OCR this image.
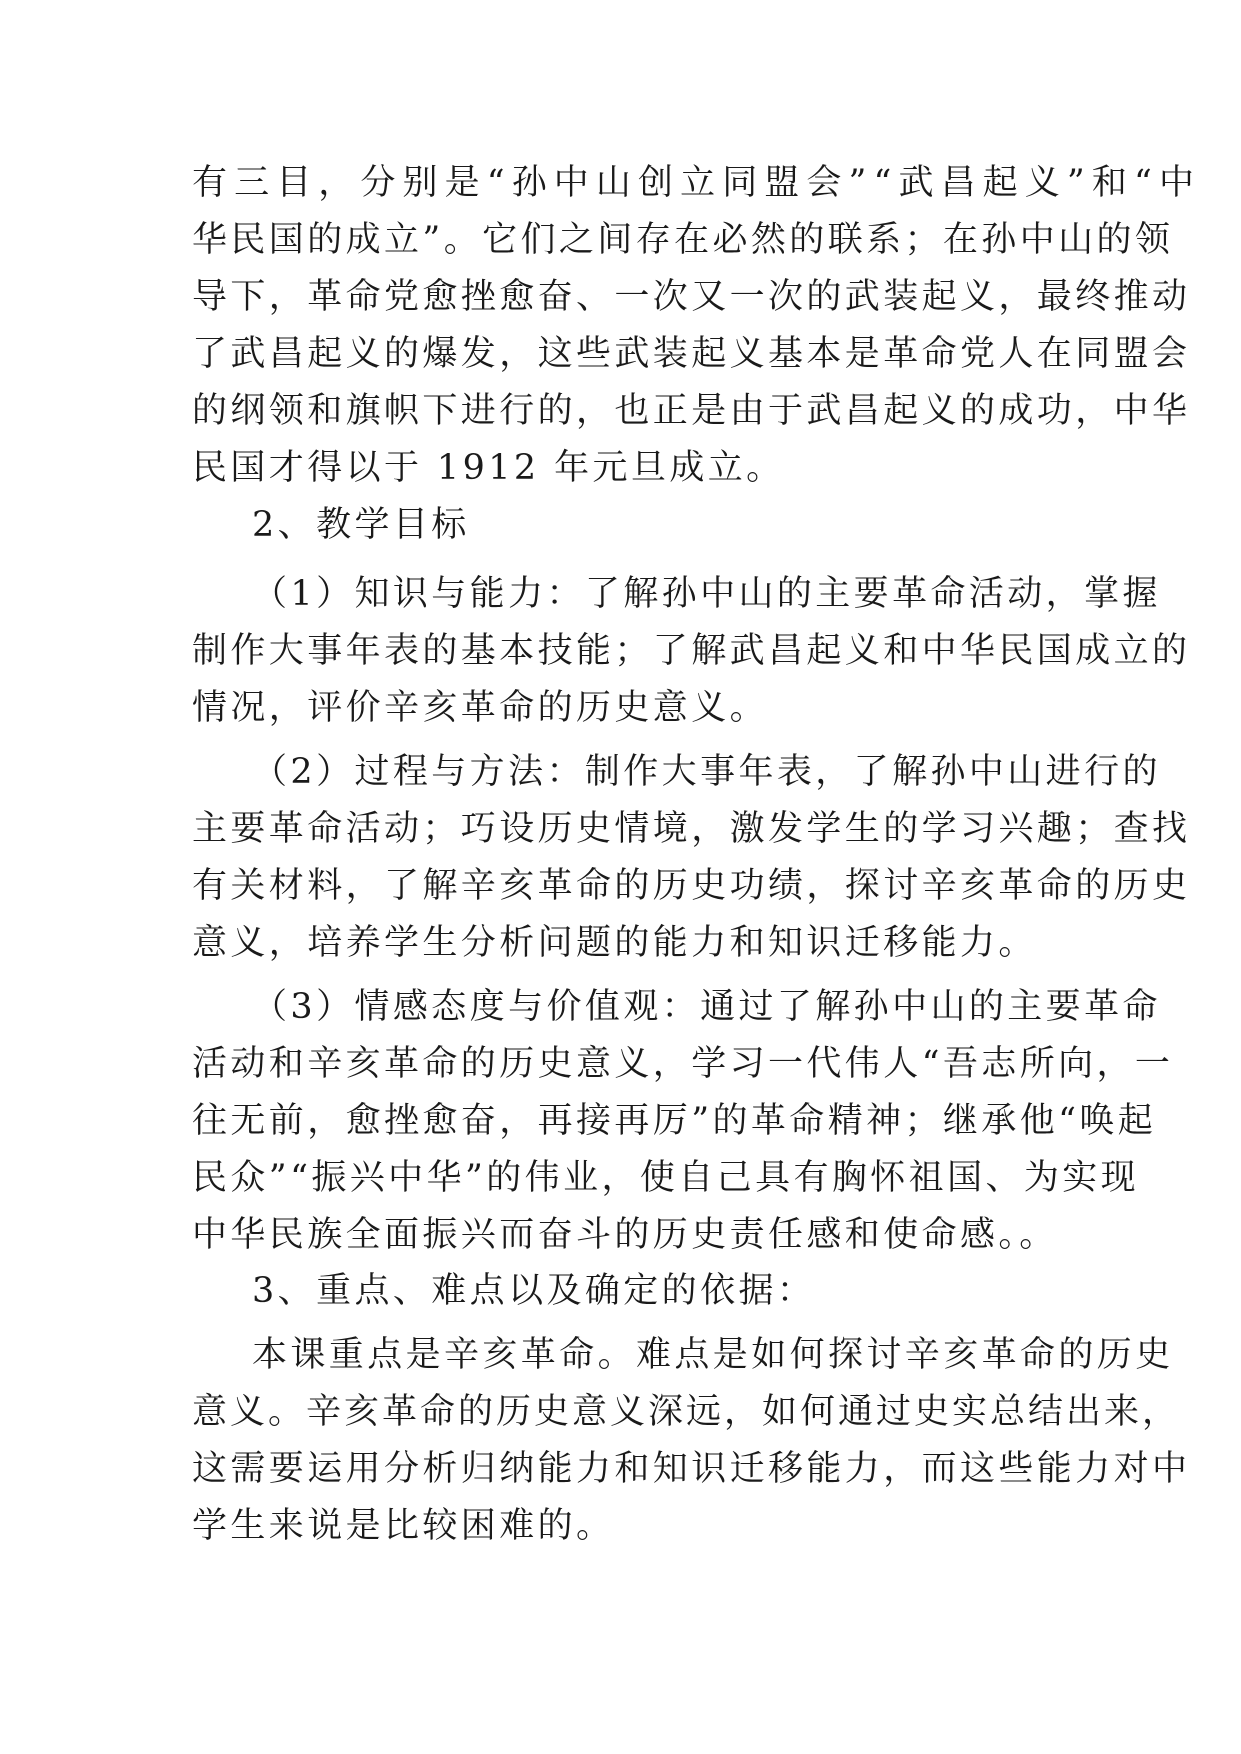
有三目，分别是“孙中山创立同盟会”“武昌起义”和“中
华民国的成立”。它们之间存在必然的联系；在孙中山的领
导下，革命党愈挫愈奋、一次又一次的武装起义，最终推动
了武昌起义的爆发，这些武装起义基本是革命党人在同盟会
的纲领和旗帜下进行的，也正是由于武昌起义的成功，中华
民国才得以于 1912 年元旦成立。
2、教学目标
（1）知识与能力：了解孙中山的主要革命活动，掌握
制作大事年表的基本技能；了解武昌起义和中华民国成立的
情况，评价辛亥革命的历史意义。
（2）过程与方法：制作大事年表，了解孙中山进行的
主要革命活动；巧设历史情境，激发学生的学习兴趣；查找
有关材料，了解辛亥革命的历史功绩，探讨辛亥革命的历史
意义，培养学生分析问题的能力和知识迁移能力。
（3）情感态度与价值观：通过了解孙中山的主要革命
活动和辛亥革命的历史意义，学习一代伟人“吾志所向，一
往无前，愈挫愈奋，再接再厉”的革命精神；继承他“唤起
民众”“振兴中华”的伟业，使自己具有胸怀祖国、为实现
中华民族全面振兴而奋斗的历史责任感和使命感。。
3、重点、难点以及确定的依据：
本课重点是辛亥革命。难点是如何探讨辛亥革命的历史
意义。辛亥革命的历史意义深远，如何通过史实总结出来，
这需要运用分析归纳能力和知识迁移能力，而这些能力对中
学生来说是比较困难的。
